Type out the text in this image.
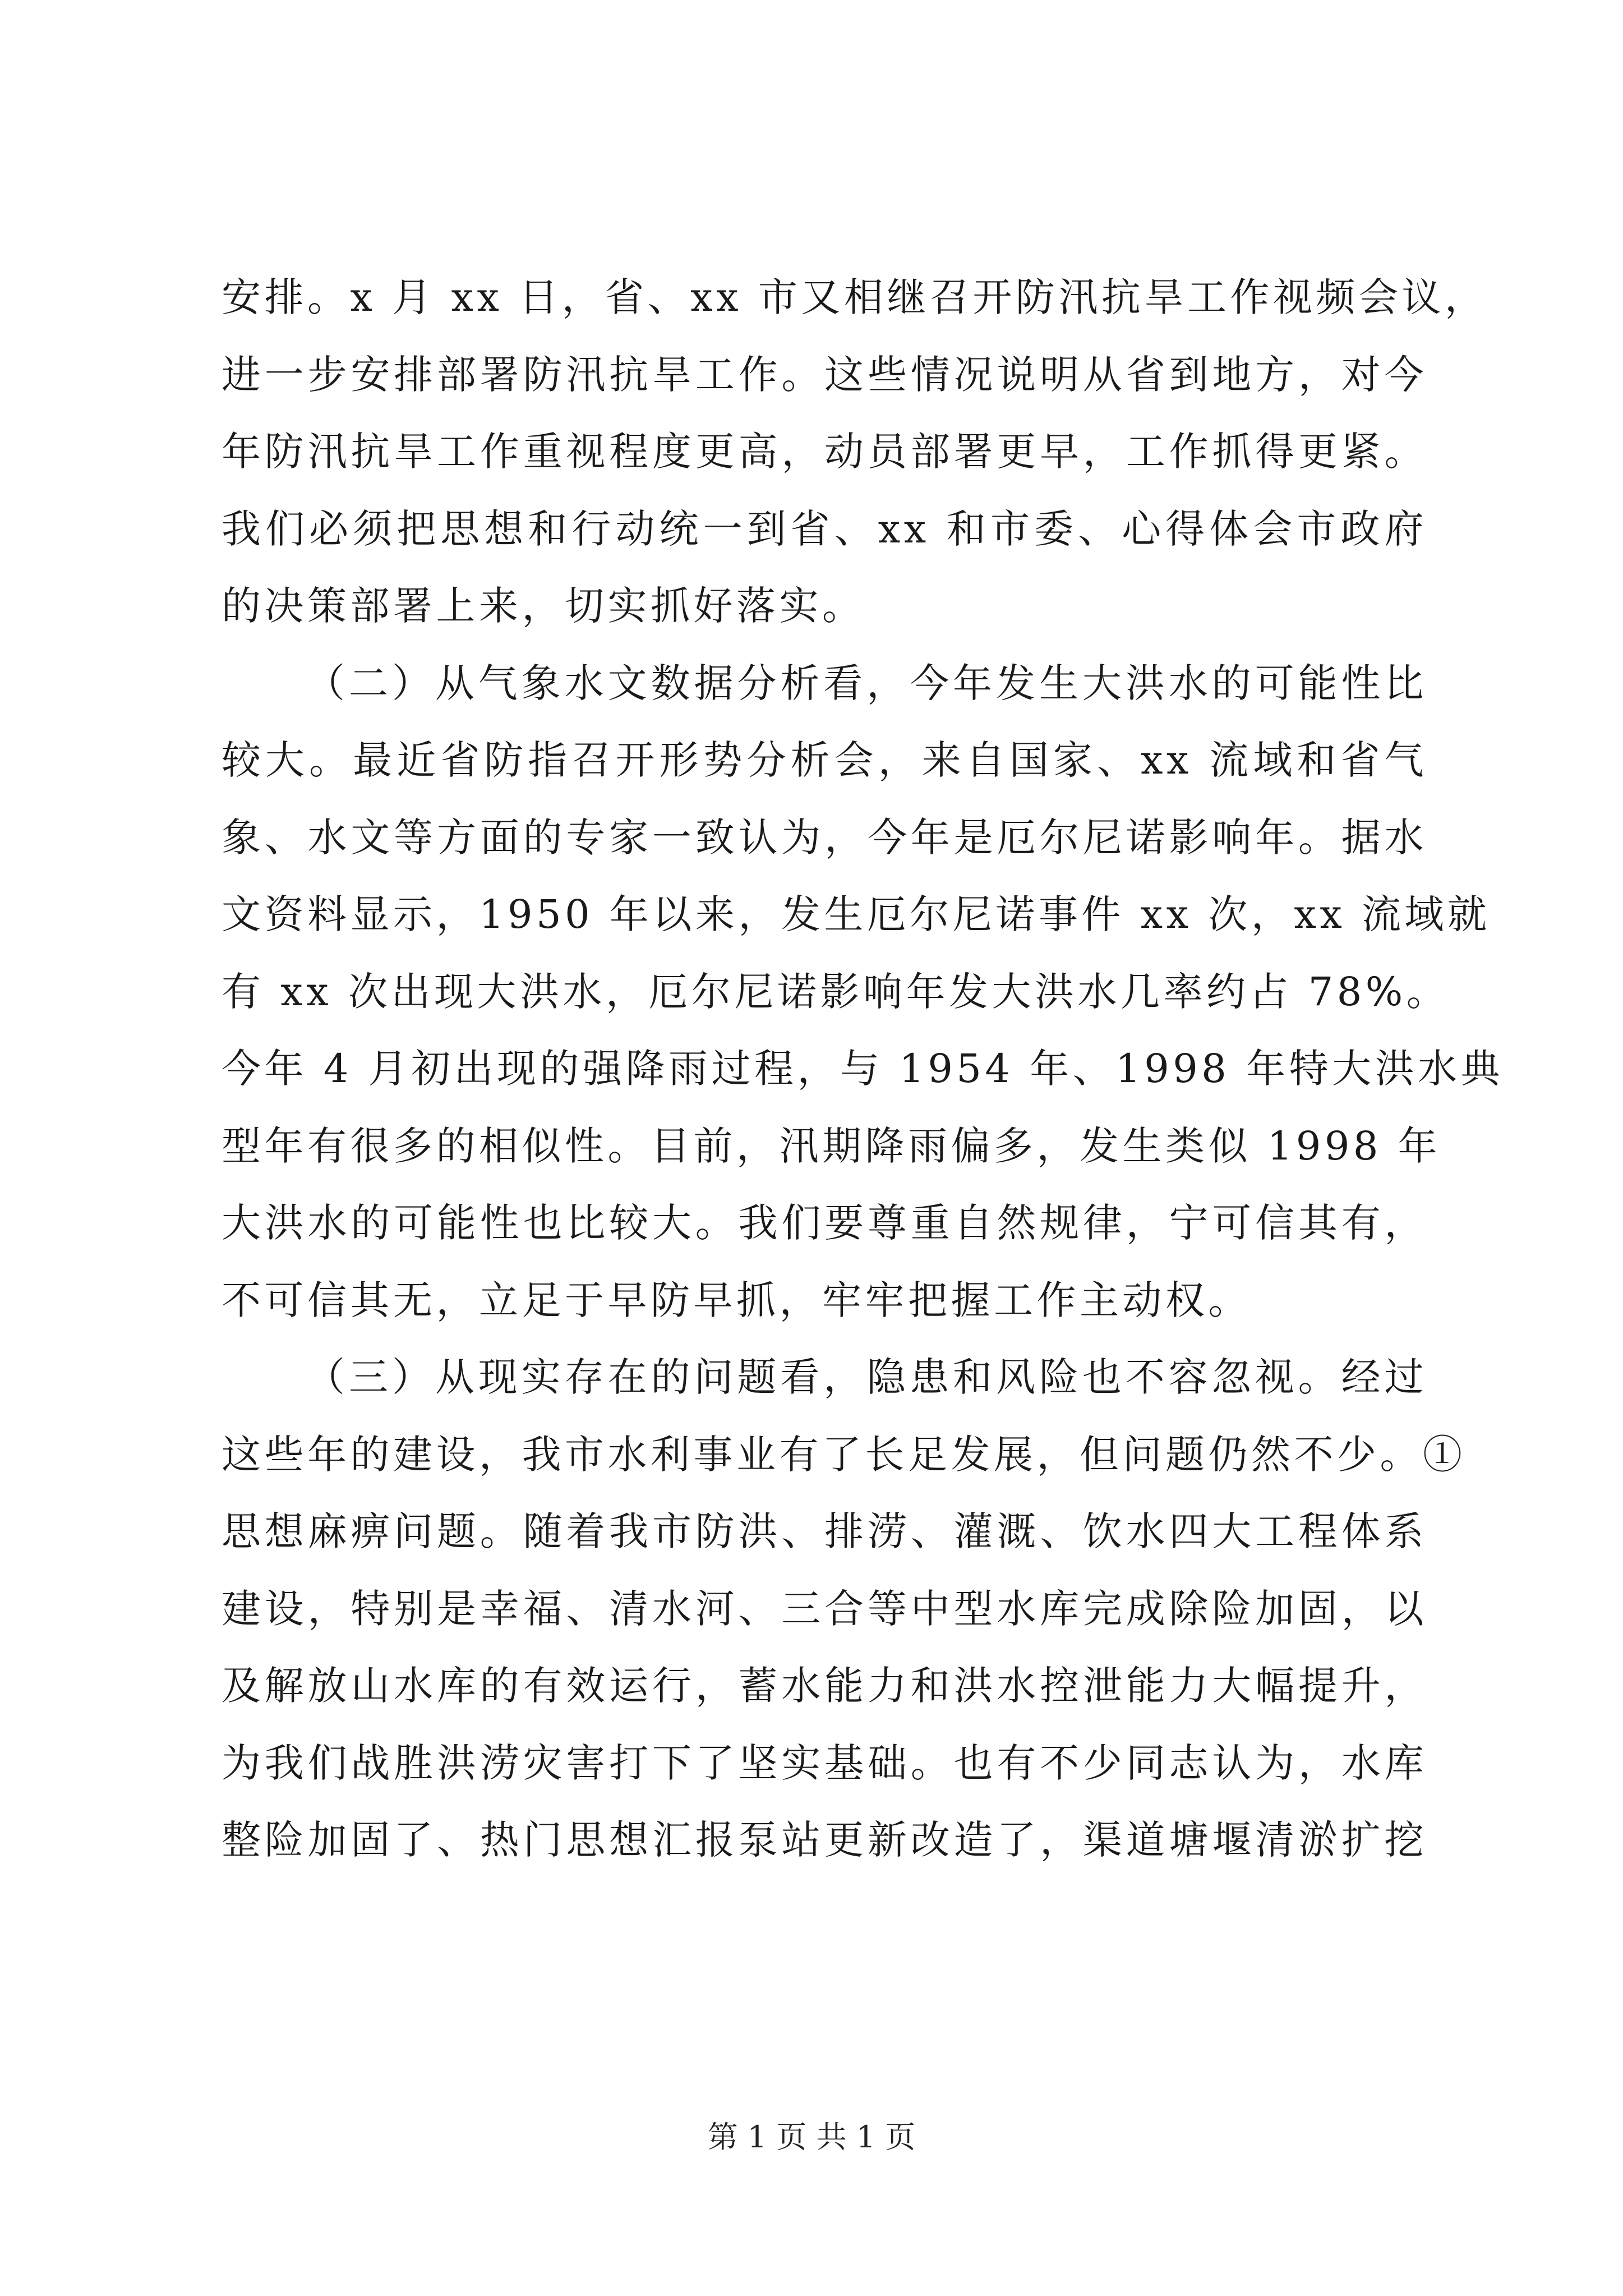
安排。x 月 xx 日，省、xx 市又相继召开防汛抗旱工作视频会议，
进一步安排部署防汛抗旱工作。这些情况说明从省到地方，对今
年防汛抗旱工作重视程度更高，动员部署更早，工作抓得更紧。
我们必须把思想和行动统一到省、xx 和市委、心得体会市政府
的决策部署上来，切实抓好落实。
（二）从气象水文数据分析看，今年发生大洪水的可能性比
较大。最近省防指召开形势分析会，来自国家、xx 流域和省气
象、水文等方面的专家一致认为，今年是厄尔尼诺影响年。据水
文资料显示，1950 年以来，发生厄尔尼诺事件 xx 次，xx 流域就
有 xx 次出现大洪水，厄尔尼诺影响年发大洪水几率约占 78%。
今年 4 月初出现的强降雨过程，与 1954 年、1998 年特大洪水典
型年有很多的相似性。目前，汛期降雨偏多，发生类似 1998 年
大洪水的可能性也比较大。我们要尊重自然规律，宁可信其有，
不可信其无，立足于早防早抓，牢牢把握工作主动权。
（三）从现实存在的问题看，隐患和风险也不容忽视。经过
这些年的建设，我市水利事业有了长足发展，但问题仍然不少。①
思想麻痹问题。随着我市防洪、排涝、灌溉、饮水四大工程体系
建设，特别是幸福、清水河、三合等中型水库完成除险加固，以
及解放山水库的有效运行，蓄水能力和洪水控泄能力大幅提升，
为我们战胜洪涝灾害打下了坚实基础。也有不少同志认为，水库
整险加固了、热门思想汇报泵站更新改造了，渠道塘堰清淤扩挖
第 1 页 共 1 页
